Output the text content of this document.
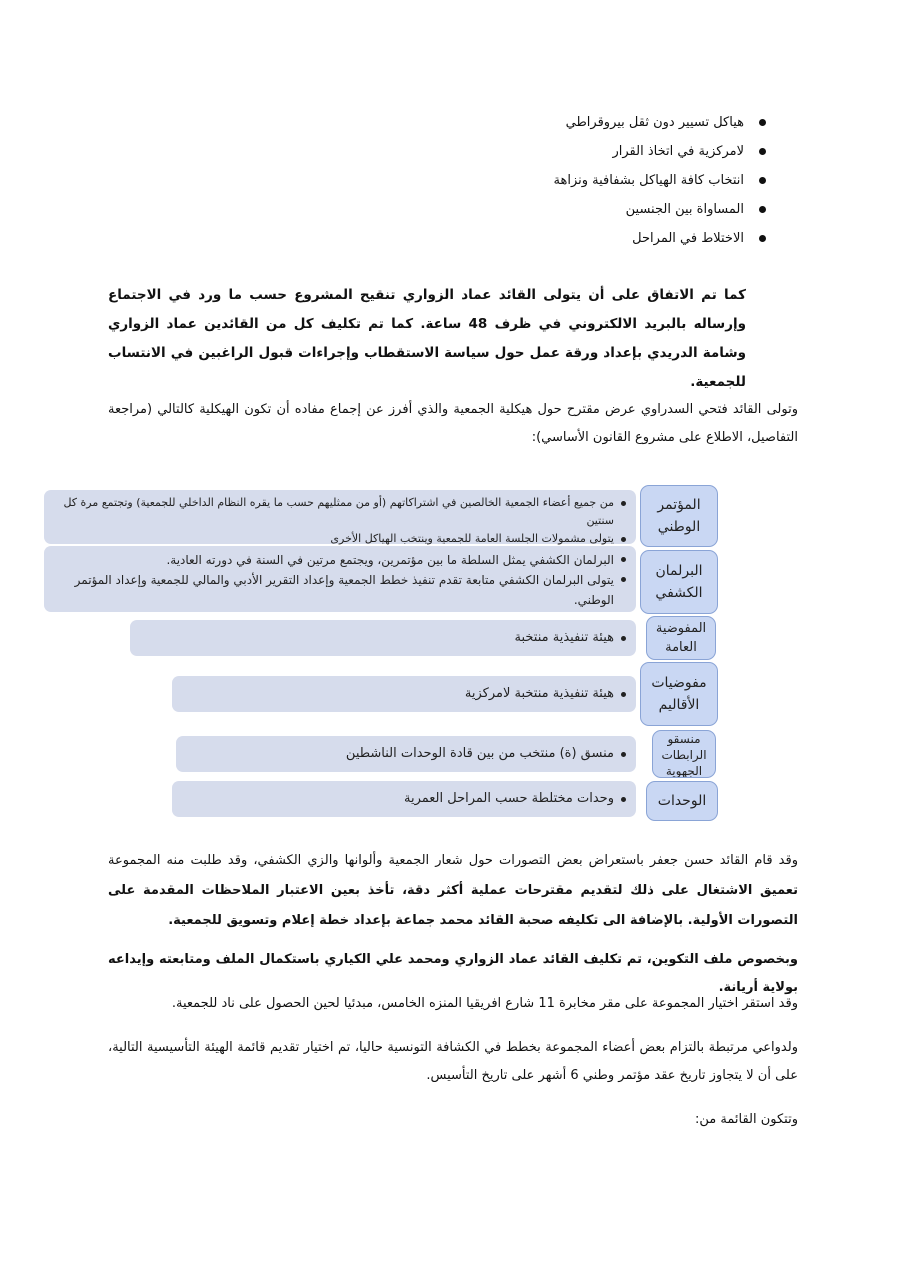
هياكل تسيير دون ثقل بيروقراطي
لامركزية في اتخاذ القرار
انتخاب كافة الهياكل بشفافية ونزاهة
المساواة بين الجنسين
الاختلاط في المراحل
كما تم الاتفاق على أن يتولى القائد عماد الزواري تنقيح المشروع حسب ما ورد في الاجتماع وإرساله بالبريد الالكتروني في ظرف 48 ساعة. كما تم تكليف كل من القائدين عماد الزواري وشامة الدريدي بإعداد ورقة عمل حول سياسة الاستقطاب وإجراءات قبول الراغبين في الانتساب للجمعية.
وتولى القائد فتحي السدراوي عرض مقترح حول هيكلية الجمعية والذي أفرز عن إجماع مفاده أن تكون الهيكلية كالتالي (مراجعة التفاصيل، الاطلاع على مشروع القانون الأساسي):
من جميع أعضاء الجمعية الخالصين في اشتراكاتهم (أو من ممثليهم حسب ما يقره النظام الداخلي للجمعية) وتجتمع مرة كل سنتين
يتولى مشمولات الجلسة العامة للجمعية وينتخب الهياكل الأخرى
المؤتمر الوطني
البرلمان الكشفي يمثل السلطة ما بين مؤتمرين، ويجتمع مرتين في السنة في دورته العادية.
يتولى البرلمان الكشفي متابعة تقدم تنفيذ خطط الجمعية وإعداد التقرير الأدبي والمالي للجمعية وإعداد المؤتمر الوطني.
البرلمان الكشفي
هيئة تنفيذية منتخبة
المفوضية العامة
هيئة تنفيذية منتخبة لامركزية
مفوضيات الأقاليم
منسق (ة) منتخب من بين قادة الوحدات الناشطين
منسقو الرابطات الجهوية
وحدات مختلطة حسب المراحل العمرية	الوحدات
وقد قام القائد حسن جعفر باستعراض بعض التصورات حول شعار الجمعية وألوانها والزي الكشفي، وقد طلبت منه المجموعة تعميق الاشتغال على ذلك لتقديم مقترحات عملية أكثر دقة، تأخذ بعين الاعتبار الملاحظات المقدمة على التصورات الأولية. بالإضافة الى تكليفه صحبة القائد محمد جماعة بإعداد خطة إعلام وتسويق للجمعية.
وبخصوص ملف التكوين، تم تكليف القائد عماد الزواري ومحمد علي الكياري باستكمال الملف ومتابعته وإيداعه بولاية أريانة.
وقد استقر اختيار المجموعة على مقر مخابرة 11 شارع افريقيا المنزه الخامس، مبدئيا لحين الحصول على ناد للجمعية.
ولدواعي مرتبطة بالتزام بعض أعضاء المجموعة بخطط في الكشافة التونسية حاليا، تم اختيار تقديم قائمة الهيئة التأسيسية التالية، على أن لا يتجاوز تاريخ عقد مؤتمر وطني 6 أشهر على تاريخ التأسيس.
وتتكون القائمة من:
